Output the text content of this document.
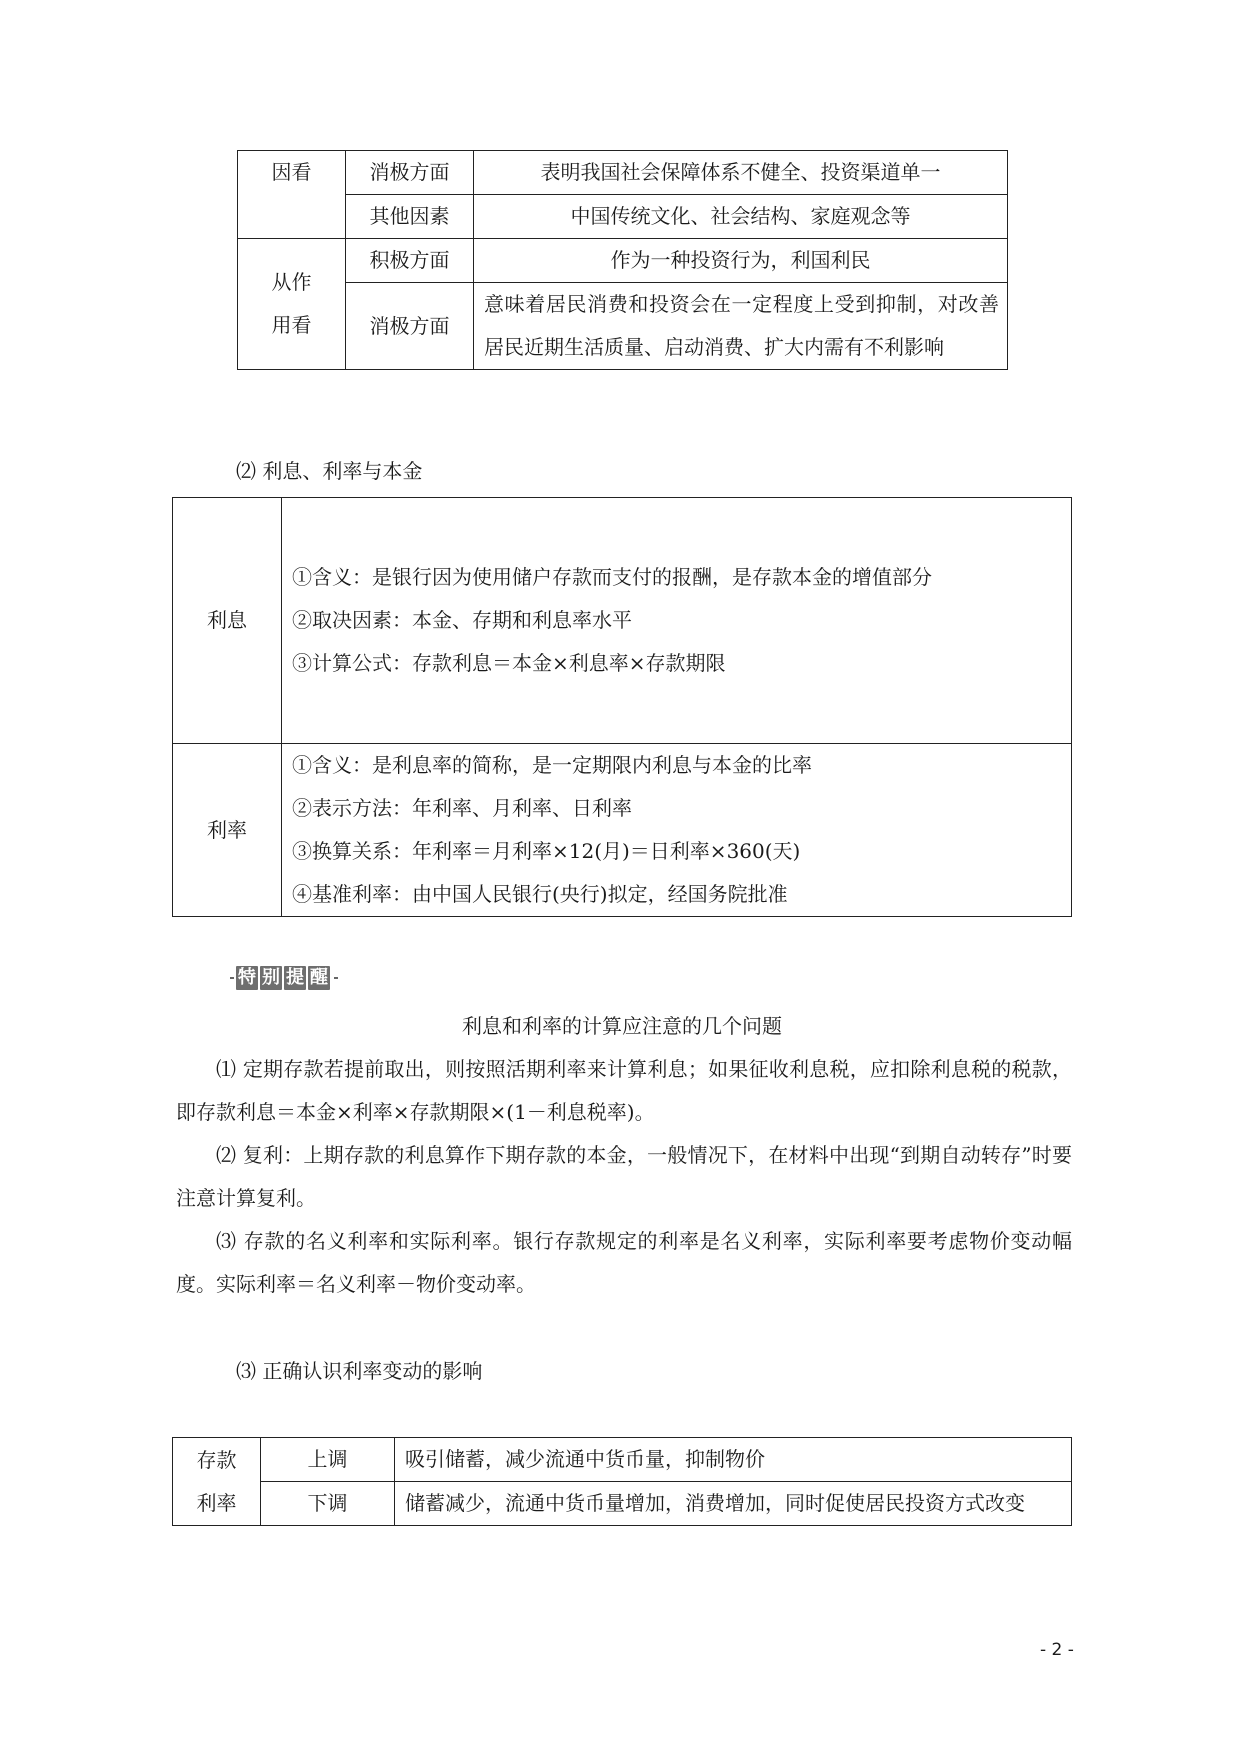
因看	消极方面	表明我国社会保障体系不健全、投资渠道单一
	其他因素	中国传统文化、社会结构、家庭观念等

从作
用看	积极方面	作为一种投资行为，利国利民
	消极方面	意味着居民消费和投资会在一定程度上受到抑制，对改善居民近期生活质量、启动消费、扩大内需有不利影响
⑵ 利息、利率与本金
利息	①含义：是银行因为使用储户存款而支付的报酬，是存款本金的增值部分
②取决因素：本金、存期和利息率水平
③计算公式：存款利息＝本金×利息率×存款期限

利率	①含义：是利息率的简称，是一定期限内利息与本金的比率
②表示方法：年利率、月利率、日利率
③换算关系：年利率＝月利率×12(月)＝日利率×360(天)
④基准利率：由中国人民银行(央行)拟定，经国务院批准
特 别 提 醒
利息和利率的计算应注意的几个问题
⑴ 定期存款若提前取出，则按照活期利率来计算利息；如果征收利息税，应扣除利息税的税款，即存款利息＝本金×利率×存款期限×(1－利息税率)。
⑵ 复利：上期存款的利息算作下期存款的本金，一般情况下，在材料中出现“到期自动转存”时要注意计算复利。
⑶ 存款的名义利率和实际利率。银行存款规定的利率是名义利率，实际利率要考虑物价变动幅度。实际利率＝名义利率－物价变动率。
⑶ 正确认识利率变动的影响
存款
利率	上调	吸引储蓄，减少流通中货币量，抑制物价
	下调	储蓄减少，流通中货币量增加，消费增加，同时促使居民投资方式改变
- 2 -
